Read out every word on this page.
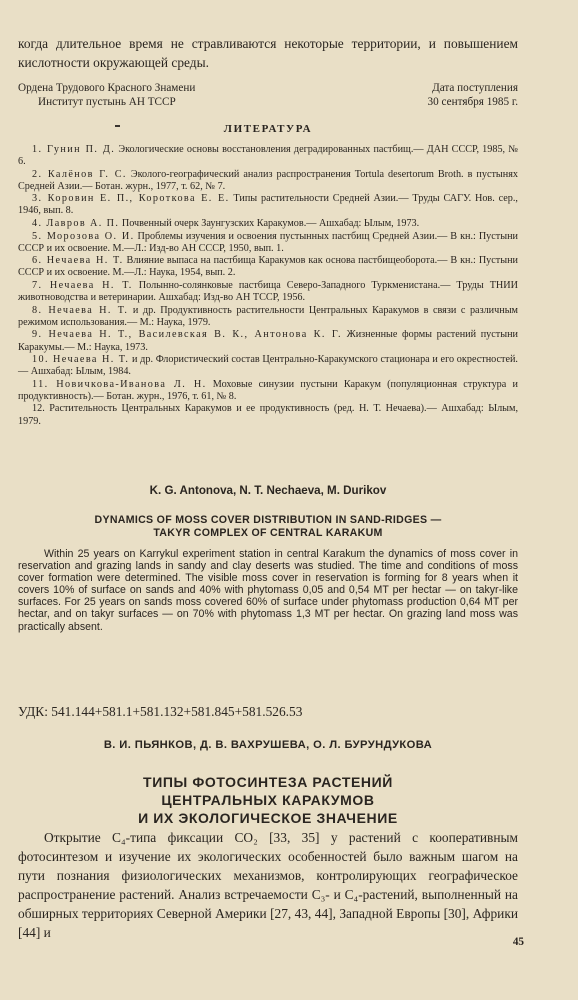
когда длительное время не стравливаются некоторые территории, и повышением кислотности окружающей среды.
Ордена Трудового Красного Знамени	Дата поступления
Институт пустынь АН ТССР	30 сентября 1985 г.
ЛИТЕРАТУРА

1. Гунин П. Д. Экологические основы восстановления деградированных пастбищ.— ДАН СССР, 1985, № 6.

2. Калёнов Г. С. Эколого-географический анализ распространения Tortula desertorum Broth. в пустынях Средней Азии.— Ботан. журн., 1977, т. 62, № 7.

3. Коровин Е. П., Короткова Е. Е. Типы растительности Средней Азии.— Труды САГУ. Нов. сер., 1946, вып. 8.

4. Лавров А. П. Почвенный очерк Заунгузских Каракумов.— Ашхабад: Ылым, 1973.

5. Морозова О. И. Проблемы изучения и освоения пустынных пастбищ Средней Азии.— В кн.: Пустыни СССР и их освоение. М.—Л.: Изд-во АН СССР, 1950, вып. 1.

6. Нечаева Н. Т. Влияние выпаса на пастбища Каракумов как основа пастбищеоборота.— В кн.: Пустыни СССР и их освоение. М.—Л.: Наука, 1954, вып. 2.

7. Нечаева Н. Т. Полынно-солянковые пастбища Северо-Западного Туркменистана.— Труды ТНИИ животноводства и ветеринарии. Ашхабад: Изд-во АН ТССР, 1956.

8. Нечаева Н. Т. и др. Продуктивность растительности Центральных Каракумов в связи с различным режимом использования.— М.: Наука, 1979.

9. Нечаева Н. Т., Василевская В. К., Антонова К. Г. Жизненные формы растений пустыни Каракумы.— М.: Наука, 1973.

10. Нечаева Н. Т. и др. Флористический состав Центрально-Каракумского стационара и его окрестностей.— Ашхабад: Ылым, 1984.

11. Новичкова-Иванова Л. Н. Моховые синузии пустыни Каракум (популяционная структура и продуктивность).— Ботан. журн., 1976, т. 61, № 8.

12. Растительность Центральных Каракумов и ее продуктивность (ред. Н. Т. Нечаева).— Ашхабад: Ылым, 1979.

K. G. Antonova, N. T. Nechaeva, M. Durikov
DYNAMICS OF MOSS COVER DISTRIBUTION IN SAND-RIDGES —
TAKYR COMPLEX OF CENTRAL KARAKUM
Within 25 years on Karrykul experiment station in central Karakum the dynamics of moss cover in reservation and grazing lands in sandy and clay deserts was studied. The time and conditions of moss cover formation were determined. The visible moss cover in reservation is forming for 8 years when it covers 10% of surface on sands and 40% with phytomass 0,05 and 0,54 MT per hectar — on takyr-like surfaces. For 25 years on sands moss covered 60% of surface under phytomass production 0,64 MT per hectar, and on takyr surfaces — on 70% with phytomass 1,3 MT per hectar. On grazing land moss was practically absent.
УДК: 541.144+581.1+581.132+581.845+581.526.53
В. И. ПЬЯНКОВ, Д. В. ВАХРУШЕВА, О. Л. БУРУНДУКОВА
ТИПЫ ФОТОСИНТЕЗА РАСТЕНИЙ
ЦЕНТРАЛЬНЫХ КАРАКУМОВ
И ИХ ЭКОЛОГИЧЕСКОЕ ЗНАЧЕНИЕ
Открытие C₄-типа фиксации CO₂ [33, 35] у растений с кооперативным фотосинтезом и изучение их экологических особенностей было важным шагом на пути познания физиологических механизмов, контролирующих географическое распространение растений. Анализ встречаемости C₃- и C₄-растений, выполненный на обширных территориях Северной Америки [27, 43, 44], Западной Европы [30], Африки [44] и
45
